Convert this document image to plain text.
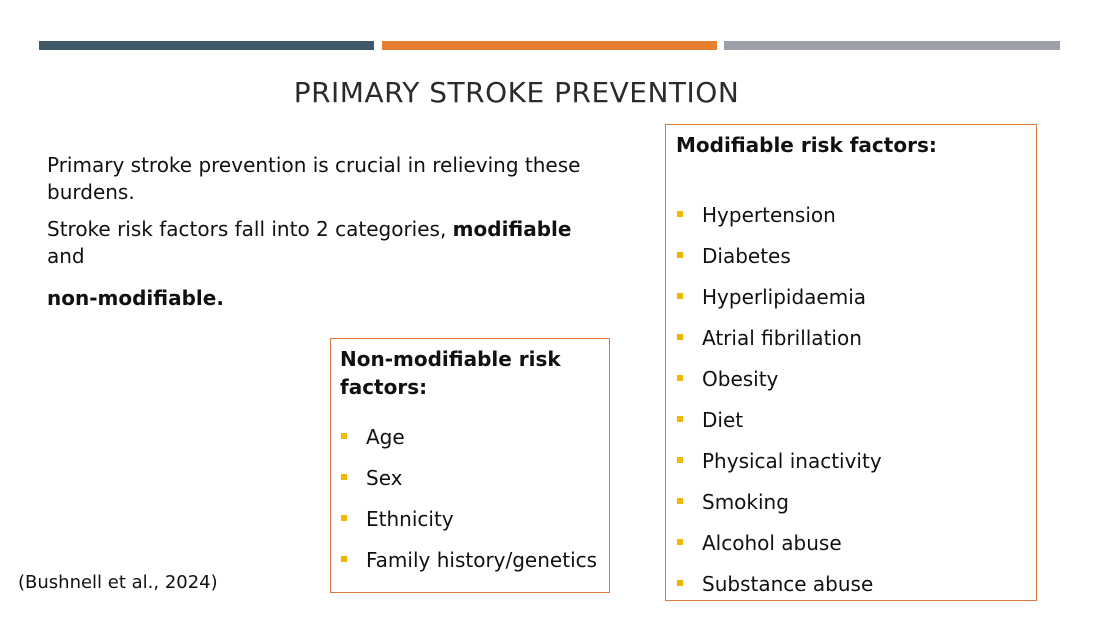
PRIMARY STROKE PREVENTION

Primary stroke prevention is crucial in relieving these burdens.

Stroke risk factors fall into 2 categories, modifiable and

non-modifiable.

Non-modifiable risk factors:
Age
Sex
Ethnicity
Family history/genetics
Modifiable risk factors:
Hypertension
Diabetes
Hyperlipidaemia
Atrial fibrillation
Obesity
Diet
Physical inactivity
Smoking
Alcohol abuse
Substance abuse
(Bushnell et al., 2024)
